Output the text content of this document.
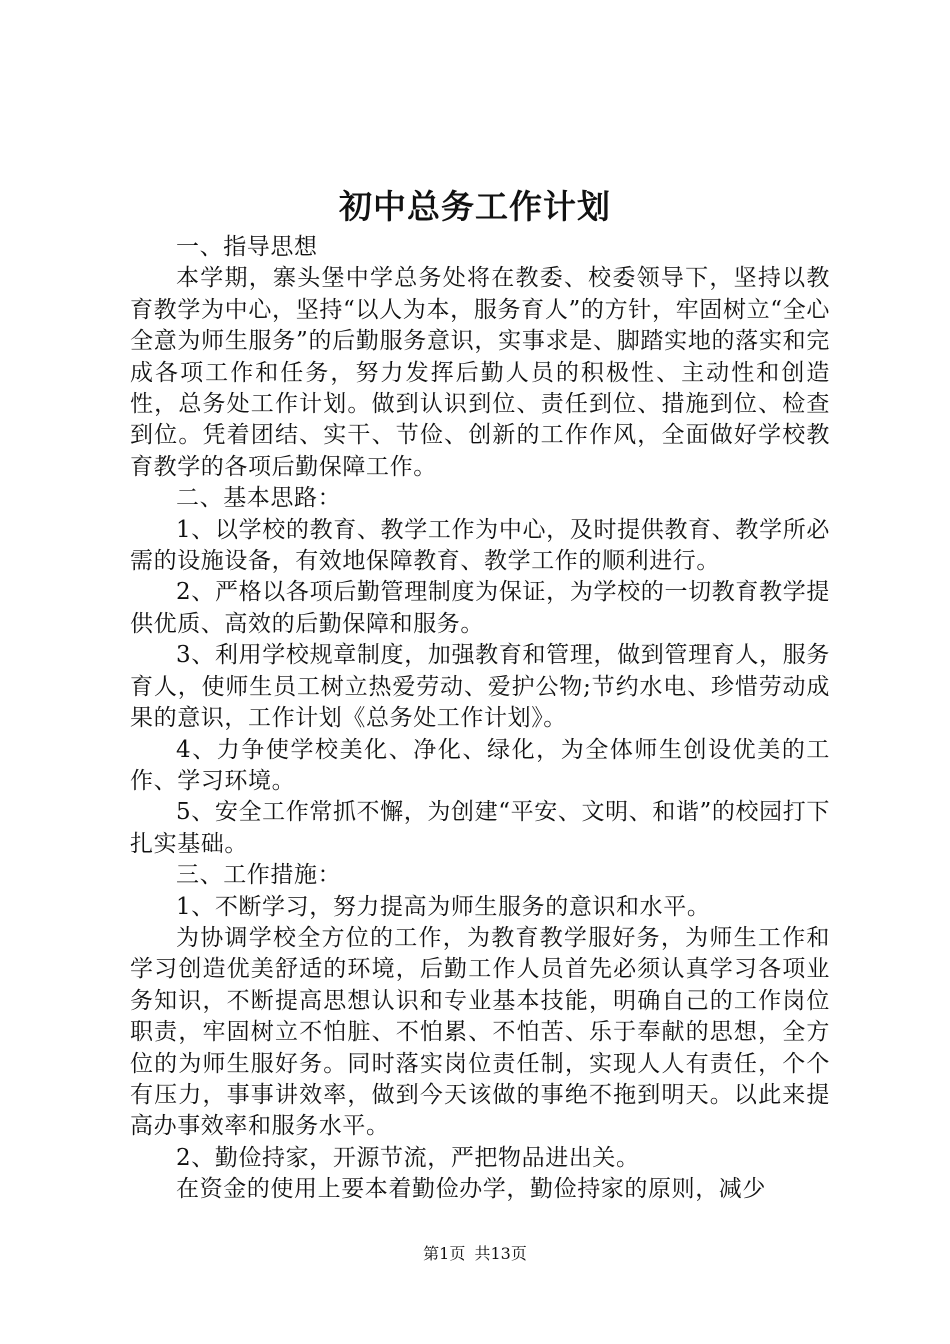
初中总务工作计划

一、指导思想

本学期，寨头堡中学总务处将在教委、校委领导下，坚持以教育教学为中心，坚持“以人为本，服务育人”的方针，牢固树立“全心全意为师生服务”的后勤服务意识，实事求是、脚踏实地的落实和完成各项工作和任务，努力发挥后勤人员的积极性、主动性和创造性，总务处工作计划。做到认识到位、责任到位、措施到位、检查到位。凭着团结、实干、节俭、创新的工作作风，全面做好学校教育教学的各项后勤保障工作。

二、基本思路：

1、以学校的教育、教学工作为中心，及时提供教育、教学所必需的设施设备，有效地保障教育、教学工作的顺利进行。

2、严格以各项后勤管理制度为保证，为学校的一切教育教学提供优质、高效的后勤保障和服务。

3、利用学校规章制度，加强教育和管理，做到管理育人，服务育人，使师生员工树立热爱劳动、爱护公物;节约水电、珍惜劳动成果的意识，工作计划《总务处工作计划》。

4、力争使学校美化、净化、绿化，为全体师生创设优美的工作、学习环境。

5、安全工作常抓不懈，为创建“平安、文明、和谐”的校园打下扎实基础。

三、工作措施：

1、不断学习，努力提高为师生服务的意识和水平。

为协调学校全方位的工作，为教育教学服好务，为师生工作和学习创造优美舒适的环境，后勤工作人员首先必须认真学习各项业务知识，不断提高思想认识和专业基本技能，明确自己的工作岗位职责，牢固树立不怕脏、不怕累、不怕苦、乐于奉献的思想，全方位的为师生服好务。同时落实岗位责任制，实现人人有责任，个个有压力，事事讲效率，做到今天该做的事绝不拖到明天。以此来提高办事效率和服务水平。

2、勤俭持家，开源节流，严把物品进出关。

在资金的使用上要本着勤俭办学，勤俭持家的原则，减少

第1页 共13页
